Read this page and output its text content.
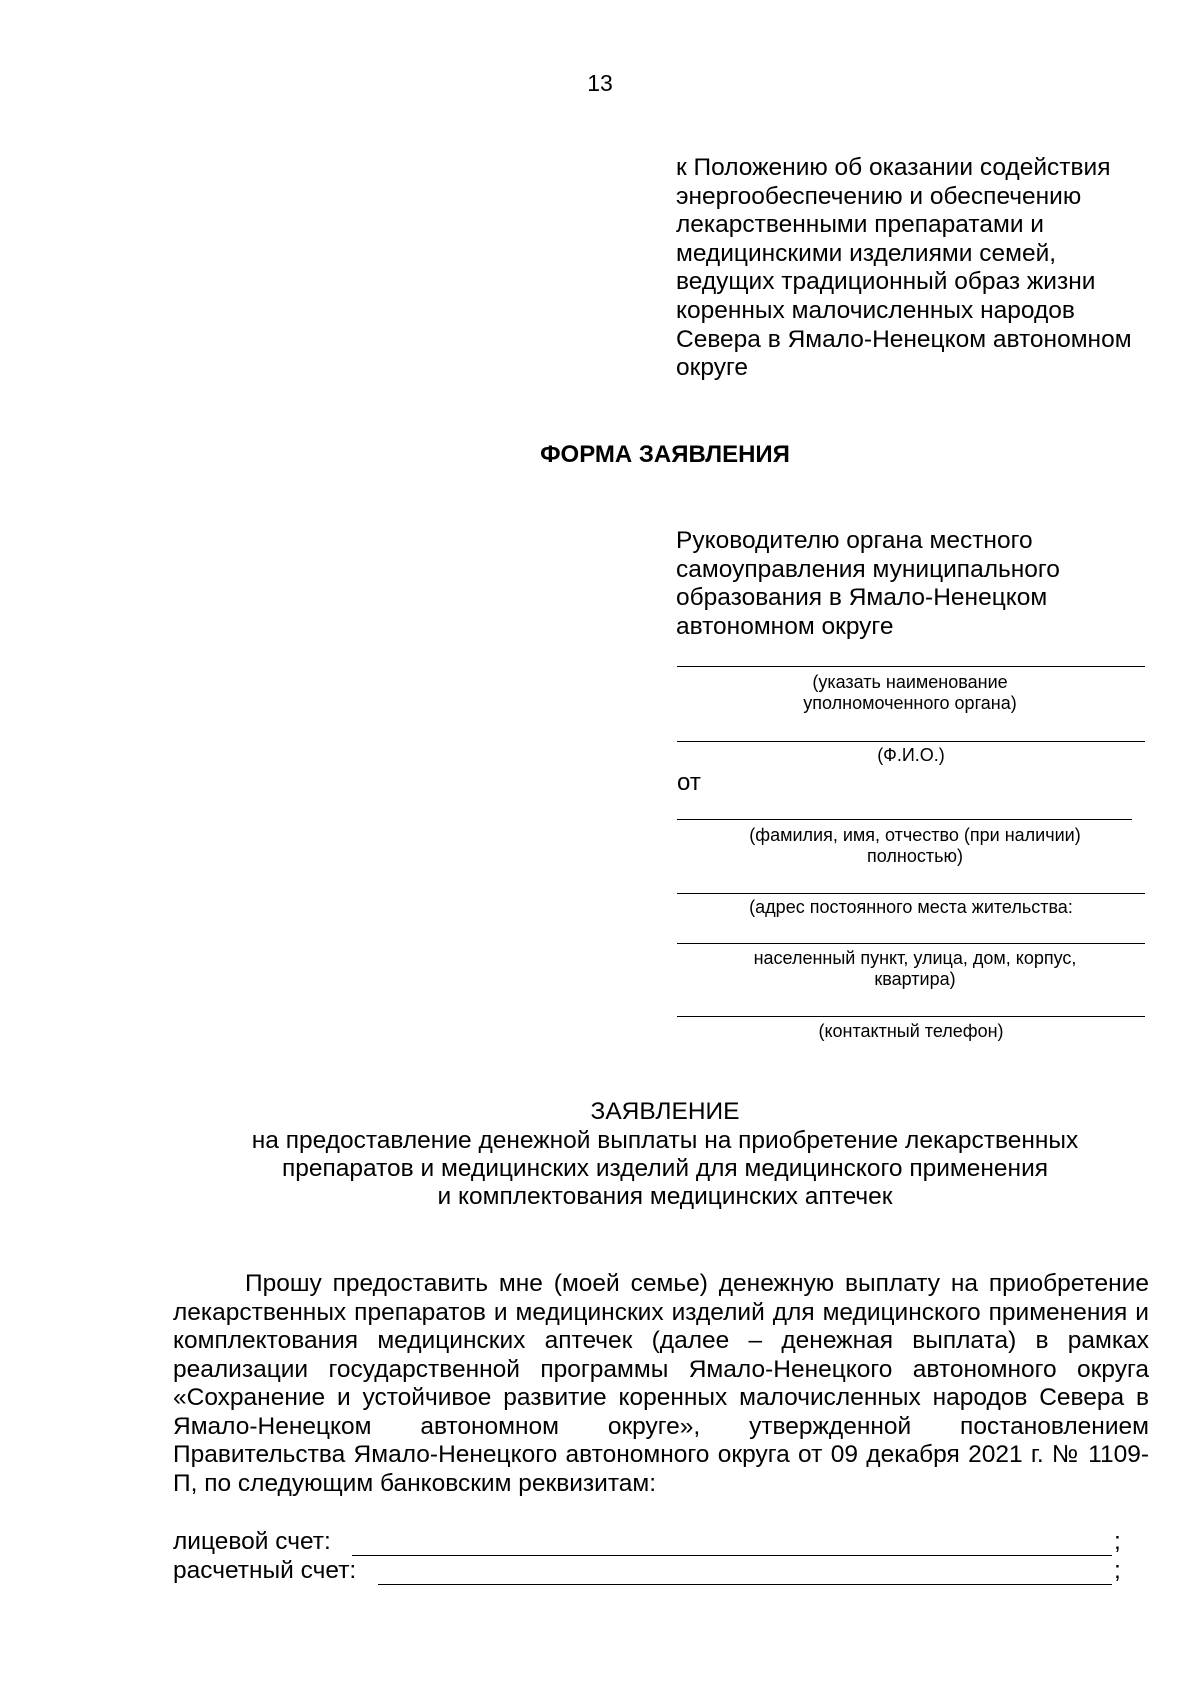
13
к Положению об оказании содействия энергообеспечению и обеспечению лекарственными препаратами и медицинскими изделиями семей, ведущих традиционный образ жизни коренных малочисленных народов Севера в Ямало-Ненецком автономном округе
ФОРМА ЗАЯВЛЕНИЯ
Руководителю органа местного самоуправления муниципального образования в Ямало-Ненецком автономном округе
(указать наименование уполномоченного органа)
(Ф.И.О.)
от
(фамилия, имя, отчество (при наличии) полностью)
(адрес постоянного места жительства:
населенный пункт, улица, дом, корпус, квартира)
(контактный телефон)
ЗАЯВЛЕНИЕ
на предоставление денежной выплаты на приобретение лекарственных
препаратов и медицинских изделий для медицинского применения
и комплектования медицинских аптечек

Прошу предоставить мне (моей семье) денежную выплату на приобретение лекарственных препаратов и медицинских изделий для медицинского применения и комплектования медицинских аптечек (далее – денежная выплата) в рамках реализации государственной программы Ямало-Ненецкого автономного округа «Сохранение и устойчивое развитие коренных малочисленных народов Севера в Ямало-Ненецком автономном округе», утвержденной постановлением Правительства Ямало-Ненецкого автономного округа от 09 декабря 2021 г. № 1109-П, по следующим банковским реквизитам:

лицевой счет:	;
расчетный счет:	;
